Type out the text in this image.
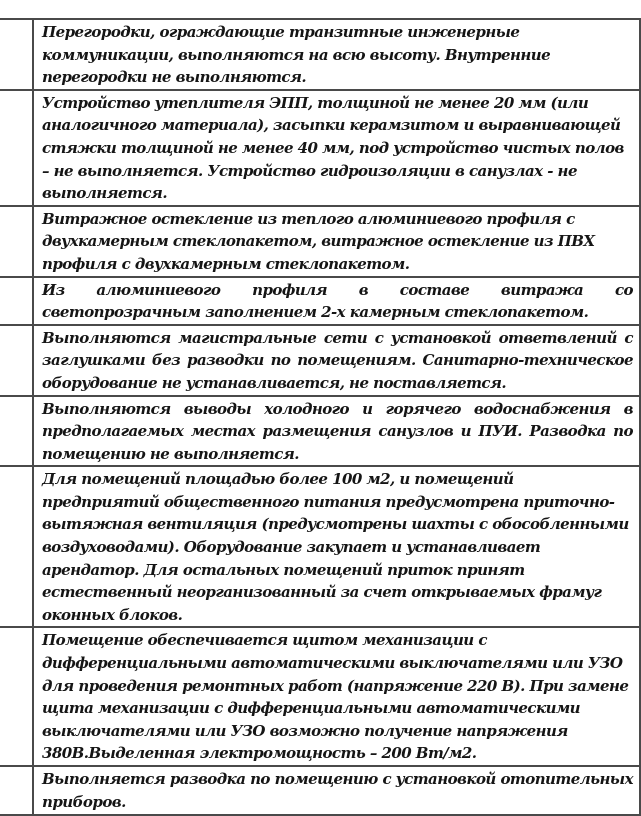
	Перегородки, ограждающие транзитные инженерные коммуникации, выполняются на всю высоту. Внутренние перегородки не выполняются.

	Устройство утеплителя ЭПП, толщиной не менее 20 мм (или аналогичного материала), засыпки керамзитом и выравнивающей стяжки толщиной не менее 40 мм, под устройство чистых полов – не выполняется. Устройство гидроизоляции в санузлах - не выполняется.

	Витражное остекление из теплого алюминиевого профиля с двухкамерным стеклопакетом, витражное остекление из ПВХ профиля с двухкамерным стеклопакетом.

	Из алюминиевого профиля в составе витража со светопрозрачным заполнением 2-х камерным стеклопакетом.

	Выполняются магистральные сети с установкой ответвлений с заглушками без разводки по помещениям. Санитарно-техническое оборудование не устанавливается, не поставляется.

	Выполняются выводы холодного и горячего водоснабжения в предполагаемых местах размещения санузлов и ПУИ. Разводка по помещению не выполняется.

	Для помещений площадью более 100 м2, и помещений предприятий общественного питания предусмотрена приточно-вытяжная вентиляция (предусмотрены шахты с обособленными воздуховодами). Оборудование закупает и устанавливает арендатор. Для остальных помещений приток принят естественный неорганизованный за счет открываемых фрамуг оконных блоков.

	Помещение обеспечивается щитом механизации с дифференциальными автоматическими выключателями или УЗО для проведения ремонтных работ (напряжение 220 В). При замене щита механизации с дифференциальными автоматическими выключателями или УЗО возможно получение напряжения 380В.Выделенная электромощность – 200 Вт/м2.

	Выполняется разводка по помещению с установкой отопительных приборов.
